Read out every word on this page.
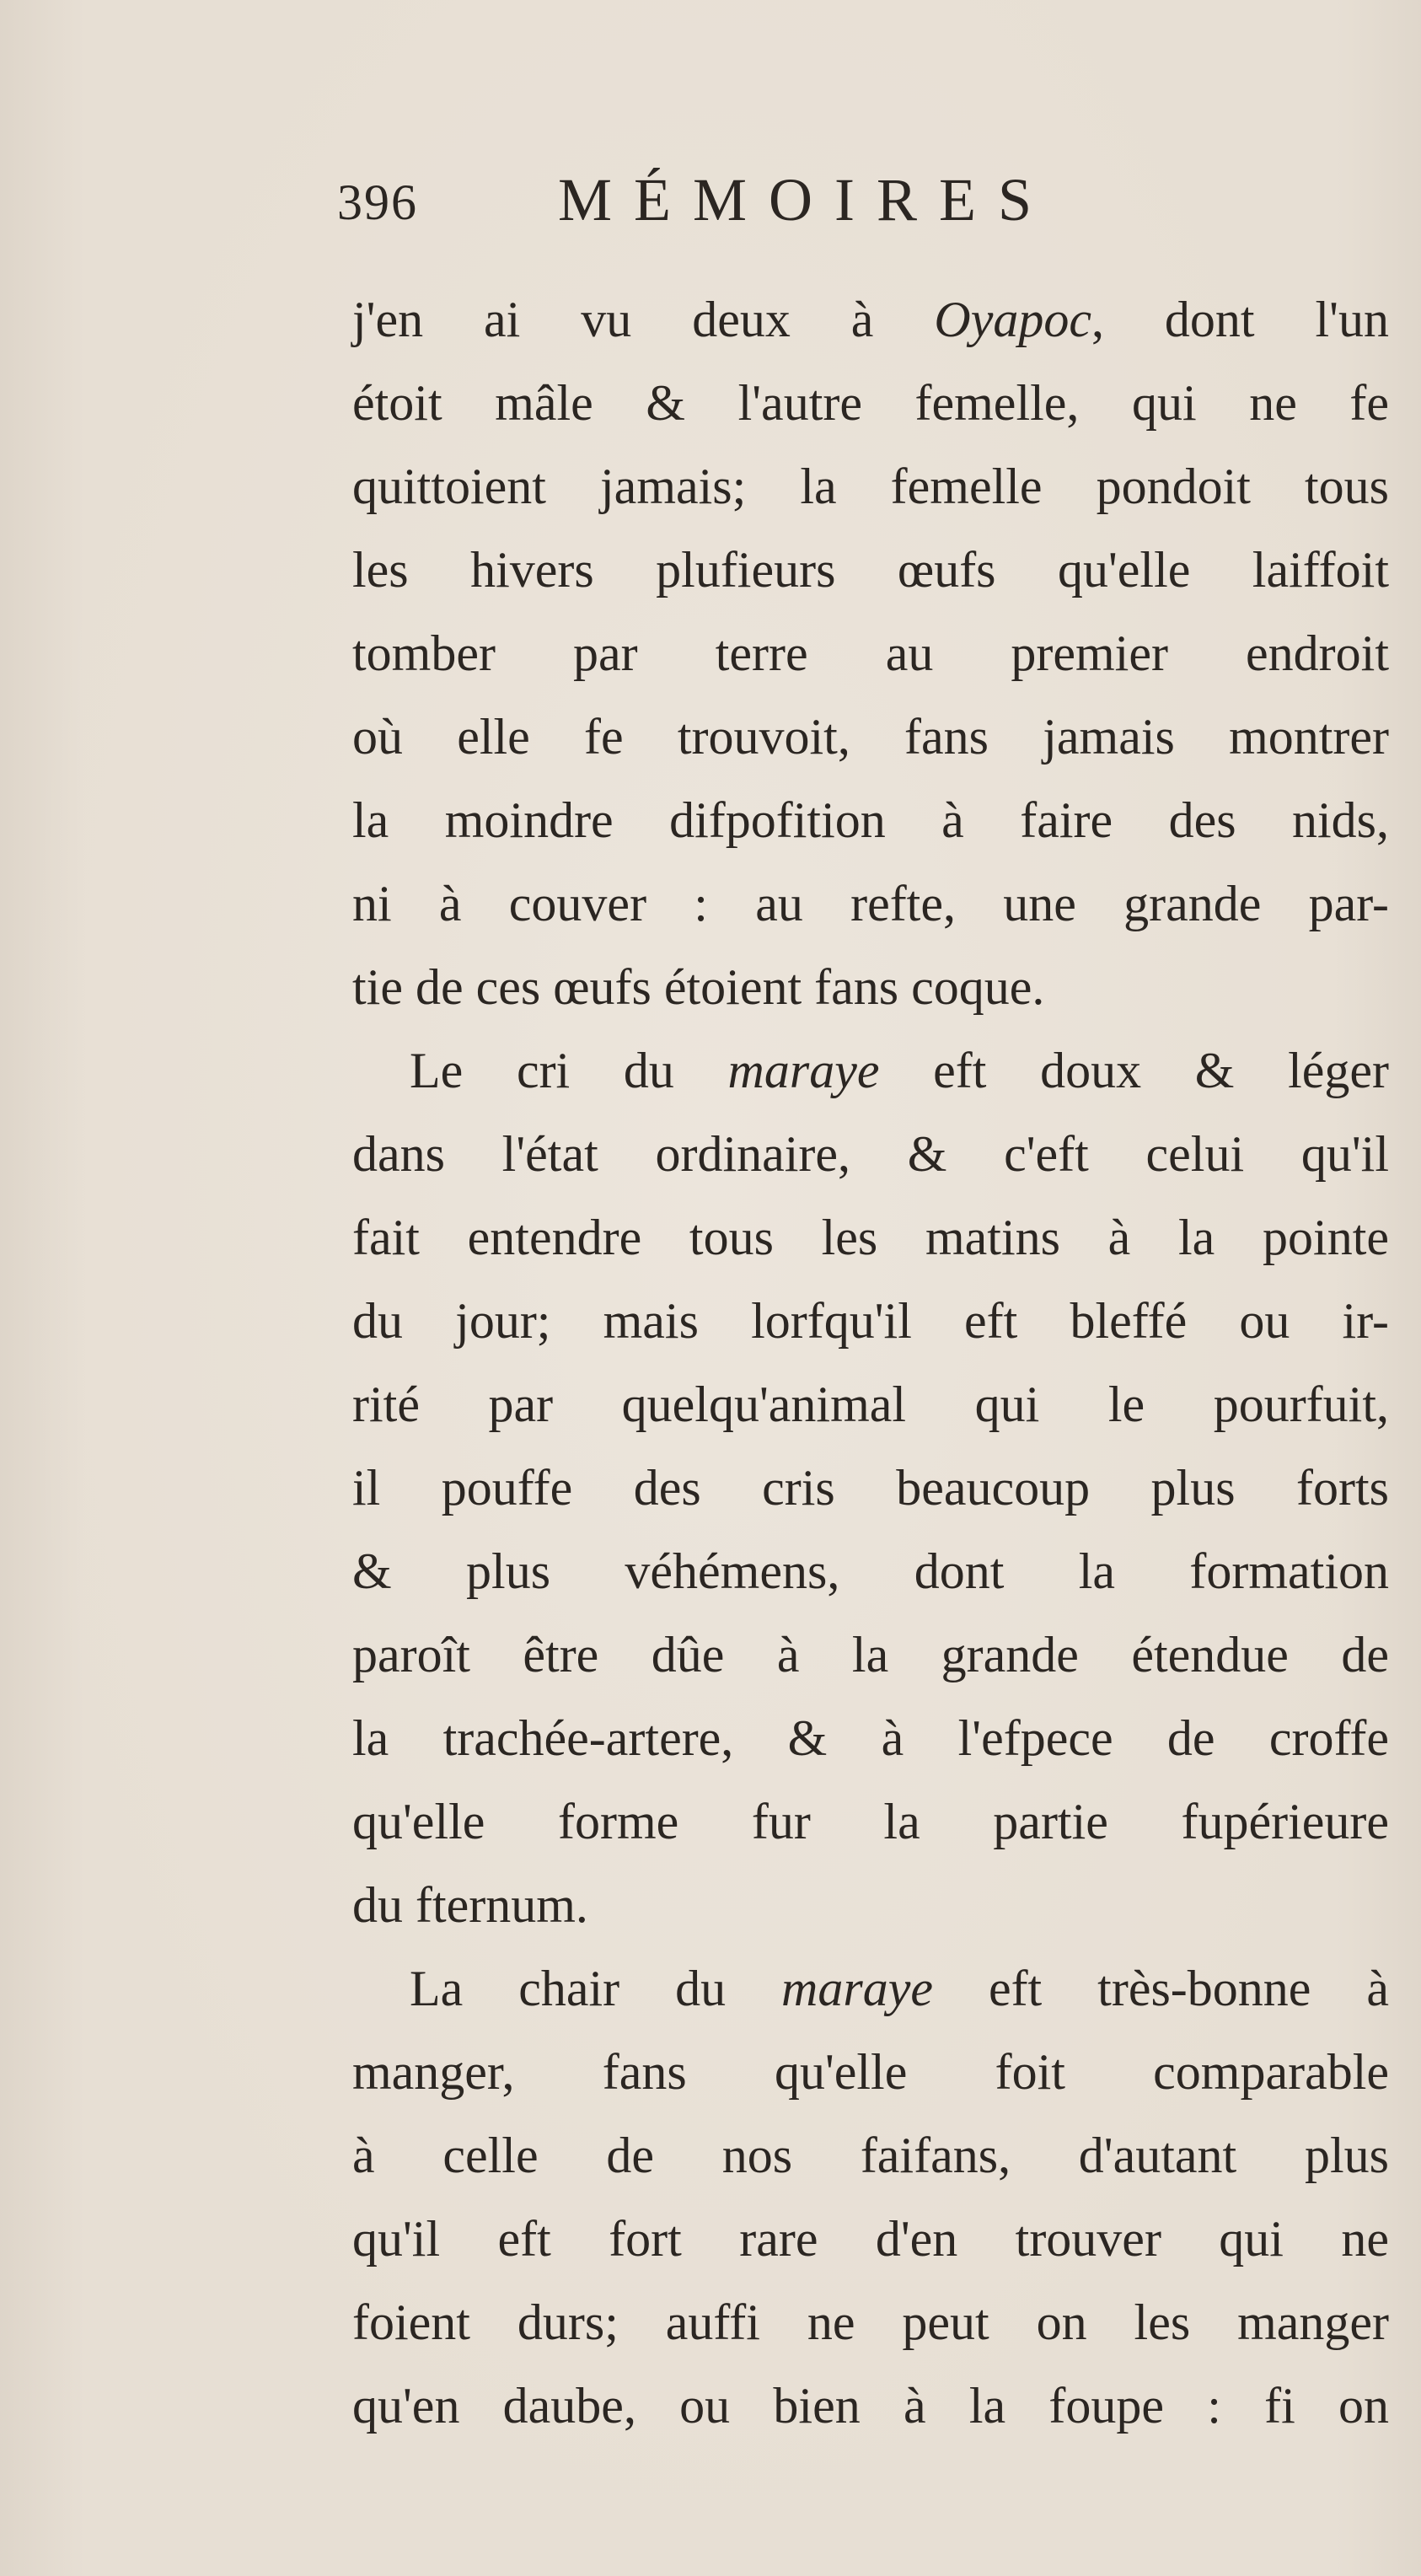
396 MÉMOIRES
j'en ai vu deux à Oyapoc, dont l'un
étoit mâle & l'autre femelle, qui ne fe
quittoient jamais; la femelle pondoit tous
les hivers plufieurs œufs qu'elle laiffoit
tomber par terre au premier endroit
où elle fe trouvoit, fans jamais montrer
la moindre difpofition à faire des nids,
ni à couver : au refte, une grande par-
tie de ces œufs étoient fans coque.
Le cri du maraye eft doux & léger
dans l'état ordinaire, & c'eft celui qu'il
fait entendre tous les matins à la pointe
du jour; mais lorfqu'il eft bleffé ou ir-
rité par quelqu'animal qui le pourfuit,
il pouffe des cris beaucoup plus forts
& plus véhémens, dont la formation
paroît être dûe à la grande étendue de
la trachée-artere, & à l'efpece de croffe
qu'elle forme fur la partie fupérieure
du fternum.
La chair du maraye eft très-bonne à
manger, fans qu'elle foit comparable
à celle de nos faifans, d'autant plus
qu'il eft fort rare d'en trouver qui ne
foient durs; auffi ne peut on les manger
qu'en daube, ou bien à la foupe : fi on
